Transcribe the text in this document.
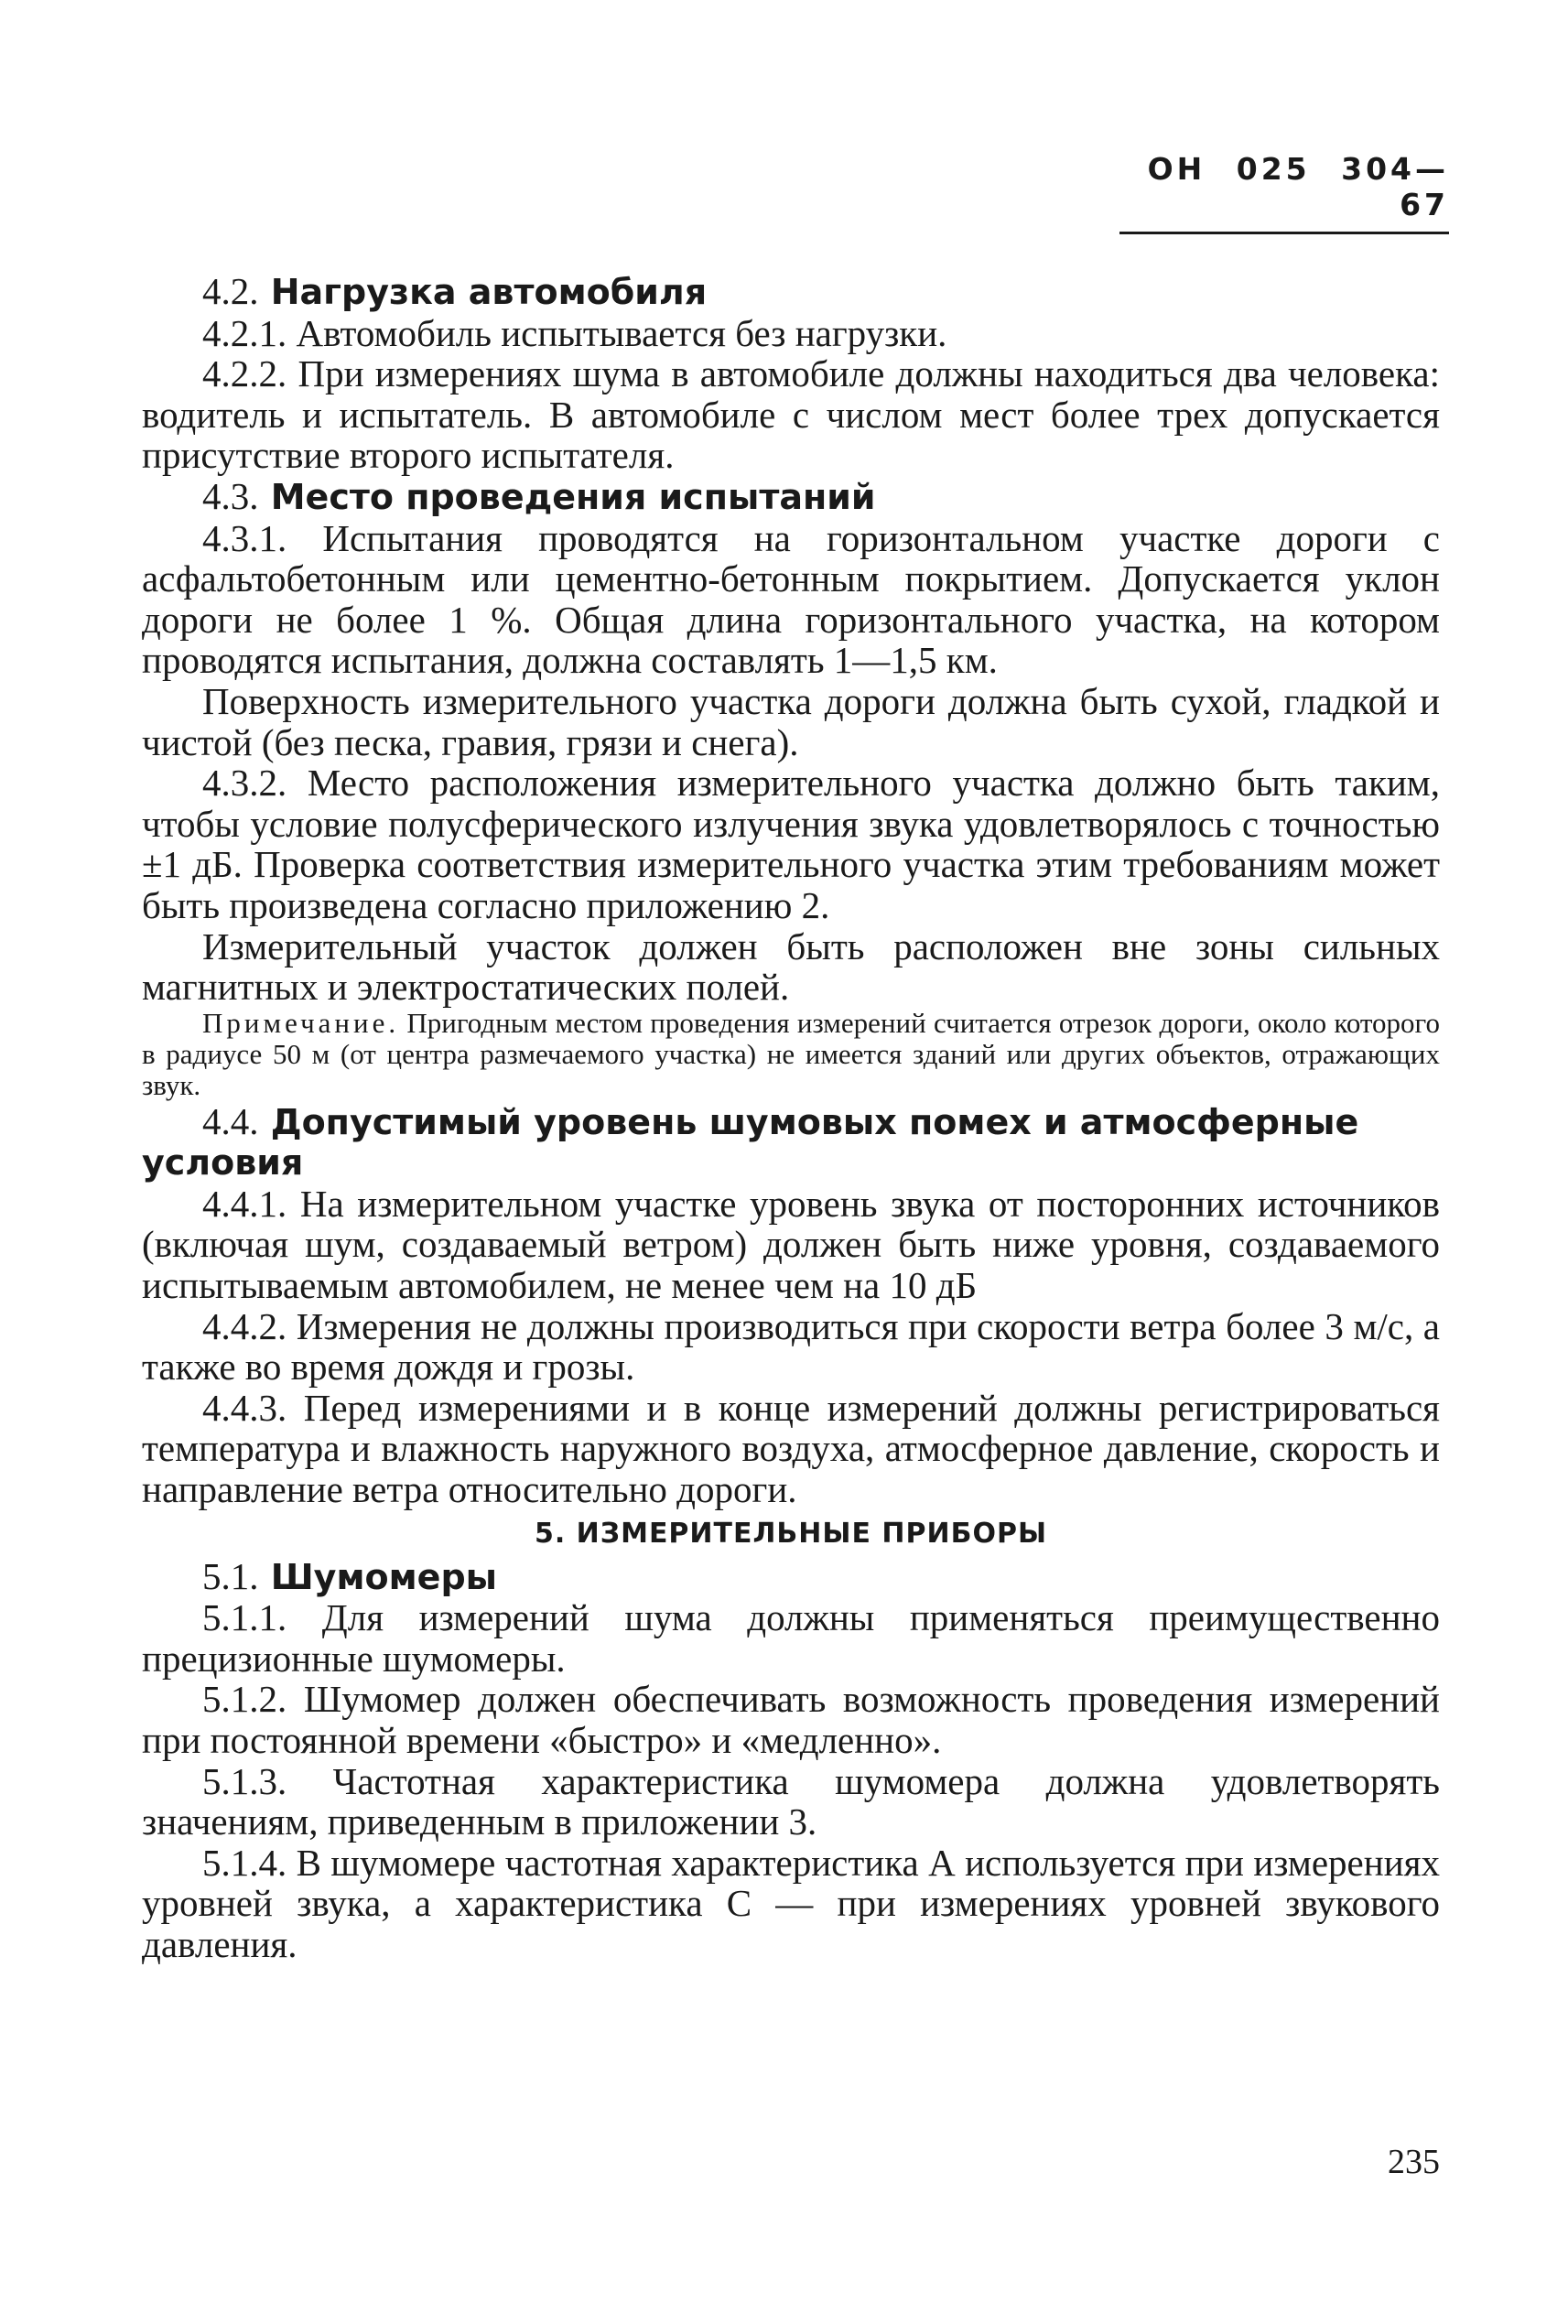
ОН 025 304—67

4.2. Нагрузка автомобиля

4.2.1. Автомобиль испытывается без нагрузки.

4.2.2. При измерениях шума в автомобиле должны находиться два человека: водитель и испытатель. В автомобиле с числом мест более трех допускается присутствие второго испытателя.

4.3. Место проведения испытаний

4.3.1. Испытания проводятся на горизонтальном участке дороги с асфальтобетонным или цементно-бетонным покрытием. Допускается уклон дороги не более 1 %. Общая длина горизонтального участка, на котором проводятся испытания, должна составлять 1—1,5 км.

Поверхность измерительного участка дороги должна быть сухой, гладкой и чистой (без песка, гравия, грязи и снега).

4.3.2. Место расположения измерительного участка должно быть таким, чтобы условие полусферического излучения звука удовлетворялось с точностью ±1 дБ. Проверка соответствия измерительного участка этим требованиям может быть произведена согласно приложению 2.

Измерительный участок должен быть расположен вне зоны сильных магнитных и электростатических полей.

Примечание. Пригодным местом проведения измерений считается отрезок дороги, около которого в радиусе 50 м (от центра размечаемого участка) не имеется зданий или других объектов, отражающих звук.

4.4. Допустимый уровень шумовых помех и атмосферные условия

4.4.1. На измерительном участке уровень звука от посторонних источников (включая шум, создаваемый ветром) должен быть ниже уровня, создаваемого испытываемым автомобилем, не менее чем на 10 дБ

4.4.2. Измерения не должны производиться при скорости ветра более 3 м/с, а также во время дождя и грозы.

4.4.3. Перед измерениями и в конце измерений должны регистрироваться температура и влажность наружного воздуха, атмосферное давление, скорость и направление ветра относительно дороги.

5. ИЗМЕРИТЕЛЬНЫЕ ПРИБОРЫ

5.1. Шумомеры

5.1.1. Для измерений шума должны применяться преимущественно прецизионные шумомеры.

5.1.2. Шумомер должен обеспечивать возможность проведения измерений при постоянной времени «быстро» и «медленно».

5.1.3. Частотная характеристика шумомера должна удовлетворять значениям, приведенным в приложении 3.

5.1.4. В шумомере частотная характеристика А используется при измерениях уровней звука, а характеристика С — при измерениях уровней звукового давления.

235
